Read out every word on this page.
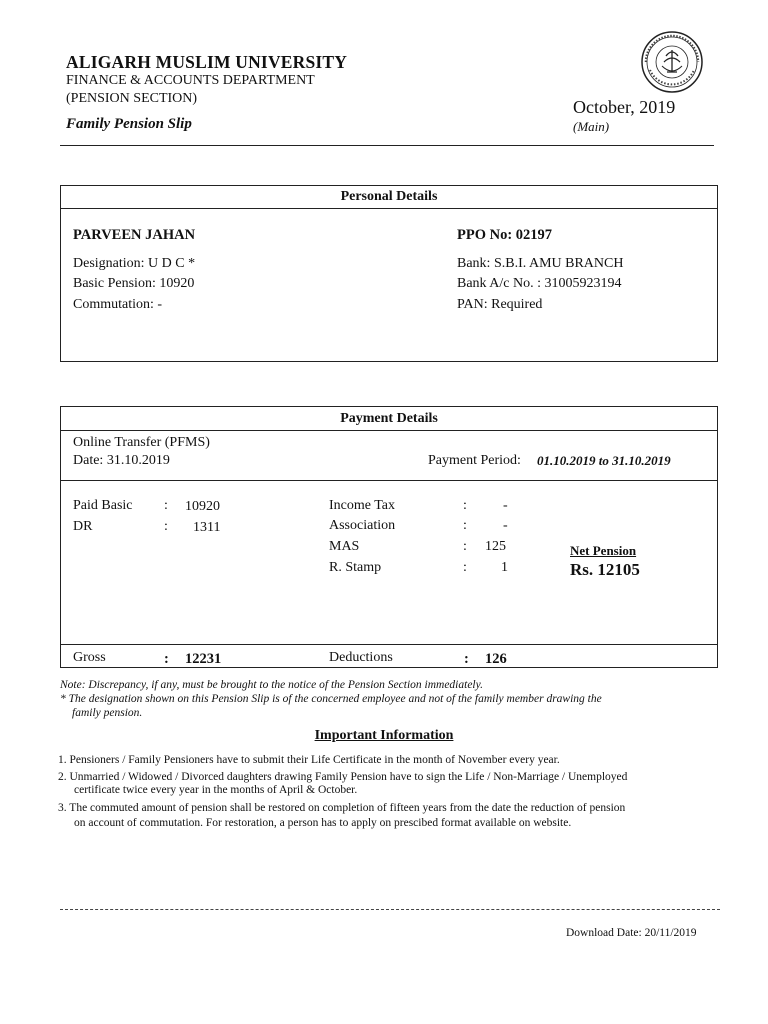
ALIGARH MUSLIM UNIVERSITY
FINANCE & ACCOUNTS DEPARTMENT
(PENSION SECTION)
Family Pension Slip
October, 2019
(Main)
Personal Details
PARVEEN JAHAN	PPO No: 02197
Designation: U D C *
Basic Pension: 10920
Commutation: -
Bank: S.B.I. AMU BRANCH
Bank A/c No. : 31005923194
PAN: Required
Payment Details
Online Transfer (PFMS)
Date: 31.10.2019	Payment Period: 01.10.2019 to 31.10.2019
Paid Basic : 10920
DR	: 1311
Income Tax	:	-
Association	:	-
MAS	: 125
R. Stamp	: 1
Net Pension
Rs. 12105
Gross	: 12231	Deductions	: 126
Note: Discrepancy, if any, must be brought to the notice of the Pension Section immediately.
* The designation shown on this Pension Slip is of the concerned employee and not of the family member drawing the
family pension.
Important Information
1. Pensioners / Family Pensioners have to submit their Life Certificate in the month of November every year.
2. Unmarried / Widowed / Divorced daughters drawing Family Pension have to sign the Life / Non-Marriage / Unemployed
certificate twice every year in the months of April & October.
3. The commuted amount of pension shall be restored on completion of fifteen years from the date the reduction of pension
on account of commutation. For restoration, a person has to apply on prescibed format available on website.
Download Date: 20/11/2019
